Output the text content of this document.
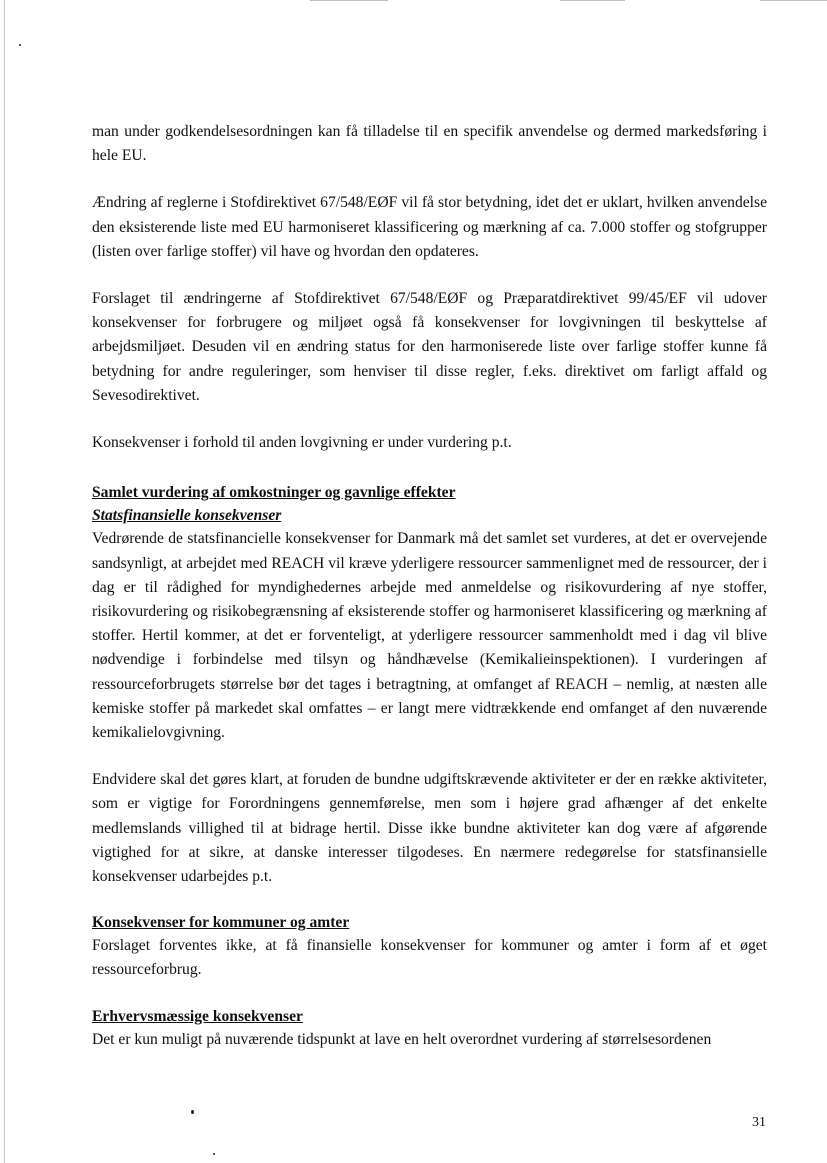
man under godkendelsesordningen kan få tilladelse til en specifik anvendelse og dermed markedsføring i hele EU.

Ændring af reglerne i Stofdirektivet 67/548/EØF vil få stor betydning, idet det er uklart, hvilken anvendelse den eksisterende liste med EU harmoniseret klassificering og mærkning af ca. 7.000 stoffer og stofgrupper (listen over farlige stoffer) vil have og hvordan den opdateres.

Forslaget til ændringerne af Stofdirektivet 67/548/EØF og Præparatdirektivet 99/45/EF vil udover konsekvenser for forbrugere og miljøet også få konsekvenser for lovgivningen til beskyttelse af arbejdsmiljøet. Desuden vil en ændring status for den harmoniserede liste over farlige stoffer kunne få betydning for andre reguleringer, som henviser til disse regler, f.eks. direktivet om farligt affald og Sevesodirektivet.

Konsekvenser i forhold til anden lovgivning er under vurdering p.t.

Samlet vurdering af omkostninger og gavnlige effekter
Statsfinansielle konsekvenser

Vedrørende de statsfinancielle konsekvenser for Danmark må det samlet set vurderes, at det er overvejende sandsynligt, at arbejdet med REACH vil kræve yderligere ressourcer sammenlignet med de ressourcer, der i dag er til rådighed for myndighedernes arbejde med anmeldelse og risikovurdering af nye stoffer, risikovurdering og risikobegrænsning af eksisterende stoffer og harmoniseret klassificering og mærkning af stoffer. Hertil kommer, at det er forventeligt, at yderligere ressourcer sammenholdt med i dag vil blive nødvendige i forbindelse med tilsyn og håndhævelse (Kemikalieinspektionen). I vurderingen af ressourceforbrugets størrelse bør det tages i betragtning, at omfanget af REACH – nemlig, at næsten alle kemiske stoffer på markedet skal omfattes – er langt mere vidtrækkende end omfanget af den nuværende kemikalielovgivning.

Endvidere skal det gøres klart, at foruden de bundne udgiftskrævende aktiviteter er der en række aktiviteter, som er vigtige for Forordningens gennemførelse, men som i højere grad afhænger af det enkelte medlemslands villighed til at bidrage hertil. Disse ikke bundne aktiviteter kan dog være af afgørende vigtighed for at sikre, at danske interesser tilgodeses. En nærmere redegørelse for statsfinansielle konsekvenser udarbejdes p.t.

Konsekvenser for kommuner og amter

Forslaget forventes ikke, at få finansielle konsekvenser for kommuner og amter i form af et øget ressourceforbrug.

Erhvervsmæssige konsekvenser

Det er kun muligt på nuværende tidspunkt at lave en helt overordnet vurdering af størrelsesordenen

31
